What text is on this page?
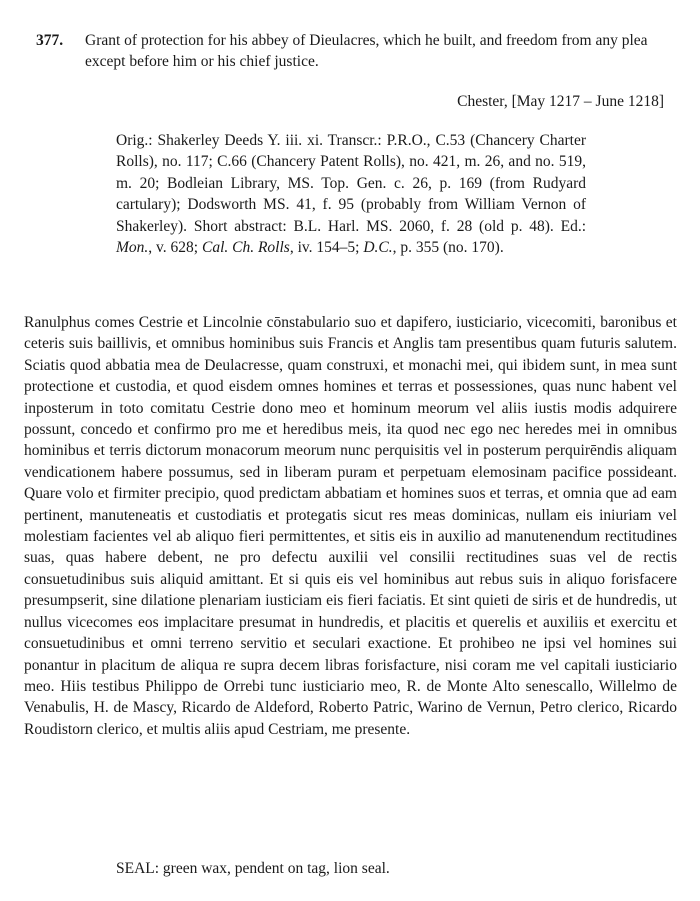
377. Grant of protection for his abbey of Dieulacres, which he built, and freedom from any plea except before him or his chief justice.
Chester, [May 1217 – June 1218]
Orig.: Shakerley Deeds Y. iii. xi. Transcr.: P.R.O., C.53 (Chancery Charter Rolls), no. 117; C.66 (Chancery Patent Rolls), no. 421, m. 26, and no. 519, m. 20; Bodleian Library, MS. Top. Gen. c. 26, p. 169 (from Rudyard cartulary); Dodsworth MS. 41, f. 95 (probably from William Vernon of Shakerley). Short abstract: B.L. Harl. MS. 2060, f. 28 (old p. 48). Ed.: Mon., v. 628; Cal. Ch. Rolls, iv. 154–5; D.C., p. 355 (no. 170).
Ranulphus comes Cestrie et Lincolnie cōnstabulario suo et dapifero, iusticiario, vicecomiti, baronibus et ceteris suis baillivis, et omnibus hominibus suis Francis et Anglis tam presentibus quam futuris salutem. Sciatis quod abbatia mea de Deulacresse, quam construxi, et monachi mei, qui ibidem sunt, in mea sunt protectione et custodia, et quod eisdem omnes homines et terras et possessiones, quas nunc habent vel inposterum in toto comitatu Cestrie dono meo et hominum meorum vel aliis iustis modis adquirere possunt, concedo et confirmo pro me et heredibus meis, ita quod nec ego nec heredes mei in omnibus hominibus et terris dictorum monacorum meorum nunc perquisitis vel in posterum perquirēndis aliquam vendicationem habere possumus, sed in liberam puram et perpetuam elemosinam pacifice possideant. Quare volo et firmiter precipio, quod predictam abbatiam et homines suos et terras, et omnia que ad eam pertinent, manuteneatis et custodiatis et protegatis sicut res meas dominicas, nullam eis iniuriam vel molestiam facientes vel ab aliquo fieri permittentes, et sitis eis in auxilio ad manutenendum rectitudines suas, quas habere debent, ne pro defectu auxilii vel consilii rectitudines suas vel de rectis consuetudinibus suis aliquid amittant. Et si quis eis vel hominibus aut rebus suis in aliquo forisfacere presumpserit, sine dilatione plenariam iusticiam eis fieri faciatis. Et sint quieti de siris et de hundredis, ut nullus vicecomes eos implacitare presumat in hundredis, et placitis et querelis et auxiliis et exercitu et consuetudinibus et omni terreno servitio et seculari exactione. Et prohibeo ne ipsi vel homines sui ponantur in placitum de aliqua re supra decem libras forisfacture, nisi coram me vel capitali iusticiario meo. Hiis testibus Philippo de Orrebi tunc iusticiario meo, R. de Monte Alto senescallo, Willelmo de Venabulis, H. de Mascy, Ricardo de Aldeford, Roberto Patric, Warino de Vernun, Petro clerico, Ricardo Roudistorn clerico, et multis aliis apud Cestriam, me presente.
SEAL: green wax, pendent on tag, lion seal.
